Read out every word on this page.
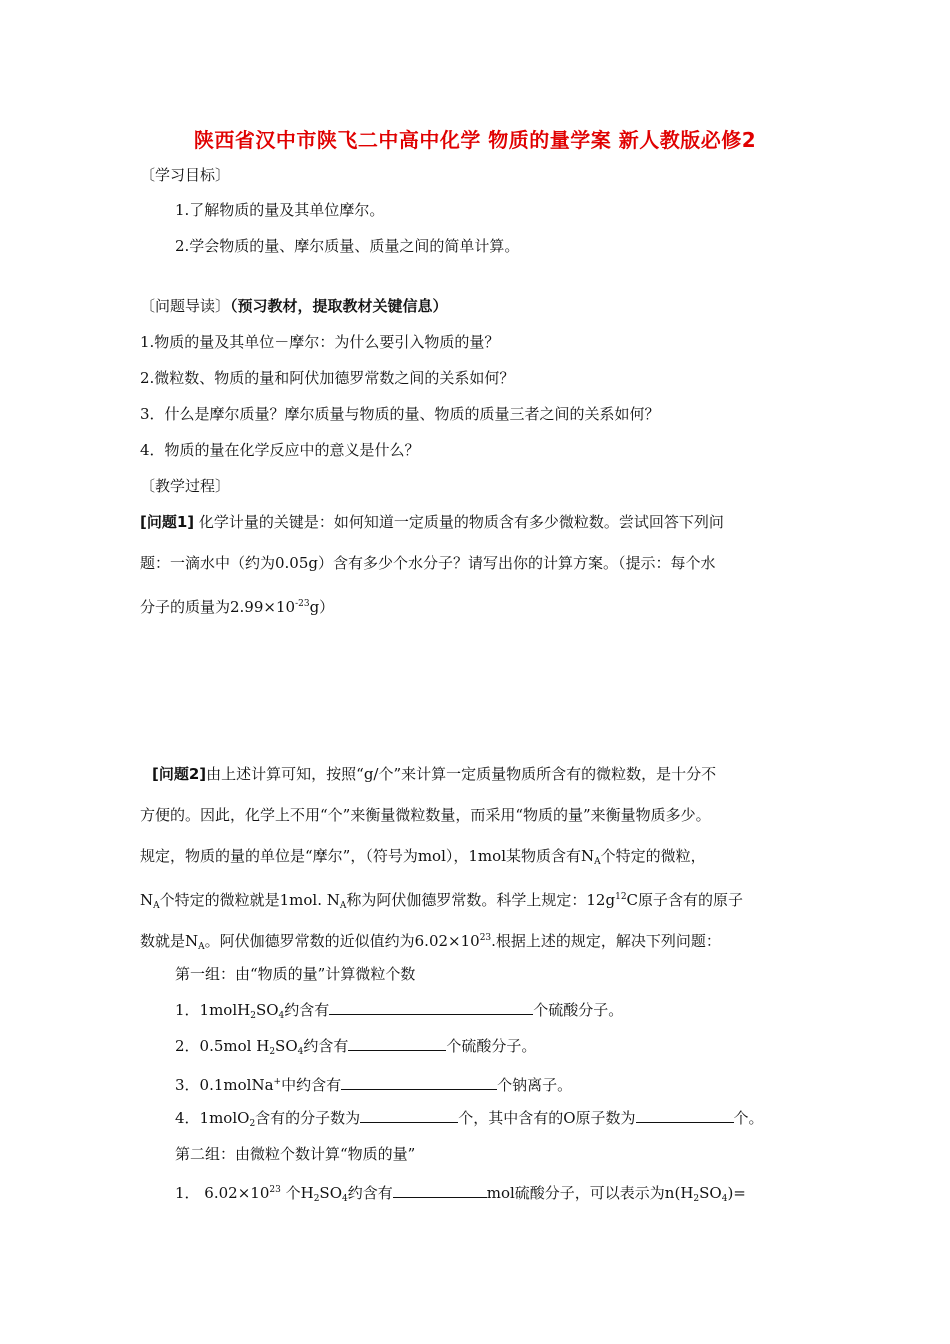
陕西省汉中市陕飞二中高中化学 物质的量学案 新人教版必修2
〔学习目标〕
1.了解物质的量及其单位摩尔。
2.学会物质的量、摩尔质量、质量之间的简单计算。
〔问题导读〕（预习教材，提取教材关键信息）
1.物质的量及其单位－摩尔：为什么要引入物质的量？
2.微粒数、物质的量和阿伏加德罗常数之间的关系如何？
3．什么是摩尔质量？摩尔质量与物质的量、物质的质量三者之间的关系如何？
4．物质的量在化学反应中的意义是什么？
〔教学过程〕
[问题1] 化学计量的关键是：如何知道一定质量的物质含有多少微粒数。尝试回答下列问
题：一滴水中（约为0.05g）含有多少个水分子？请写出你的计算方案。（提示：每个水
分子的质量为$2.99\times 10^{-23}g$）
[问题2]由上述计算可知，按照“g/个”来计算一定质量物质所含有的微粒数，是十分不
方便的。因此，化学上不用“个”来衡量微粒数量，而采用“物质的量”来衡量物质多少。
规定，物质的量的单位是“摩尔”，（符号为mol），1mol某物质含有$N_A$个特定的微粒，
$N_A$个特定的微粒就是1mol. $N_A$称为阿伏伽德罗常数。科学上规定：$12g^{12}C$原子含有的原子
数就是$N_A$。阿伏伽德罗常数的近似值约为$6.02\times 10^{23}$.根据上述的规定，解决下列问题：
第一组：由“物质的量”计算微粒个数
1．$1molH_2SO_4$约含有	个硫酸分子。
2．0.5mol $H_2SO_4$约含有	个硫酸分子。
3．0.1molNa+中约含有	个钠离子。
4．1molO$_2$含有的分子数为	个，其中含有的O原子数为	个。
第二组：由微粒个数计算“物质的量”
1． $6.02\times 10^{23}$ 个$H_2SO_4$约含有	mol硫酸分子，可以表示为$n(H_2SO_4)=$
